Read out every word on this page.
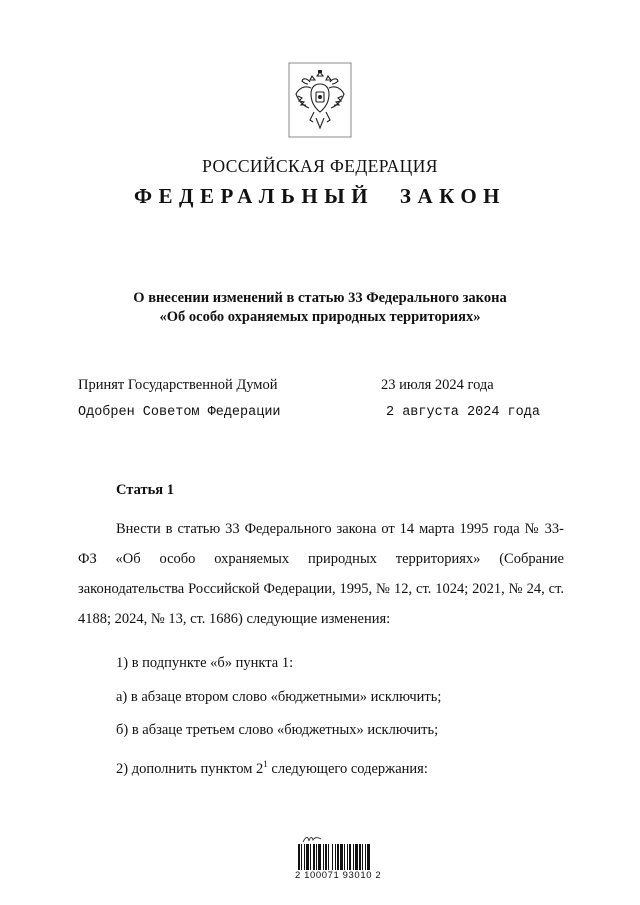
РОССИЙСКАЯ ФЕДЕРАЦИЯ
ФЕДЕРАЛЬНЫЙ ЗАКОН
О внесении изменений в статью 33 Федерального закона
«Об особо охраняемых природных территориях»
Принят Государственной Думой	23 июля 2024 года
Одобрен Советом Федерации	2 августа 2024 года
Статья 1

Внести в статью 33 Федерального закона от 14 марта 1995 года № 33-ФЗ «Об особо охраняемых природных территориях» (Собрание законодательства Российской Федерации, 1995, № 12, ст. 1024; 2021, № 24, ст. 4188; 2024, № 13, ст. 1686) следующие изменения:

1) в подпункте «б» пункта 1:
а) в абзаце втором слово «бюджетными» исключить;
б) в абзаце третьем слово «бюджетных» исключить;
2) дополнить пунктом $2^1$ следующего содержания:
2 100071 93010 2
